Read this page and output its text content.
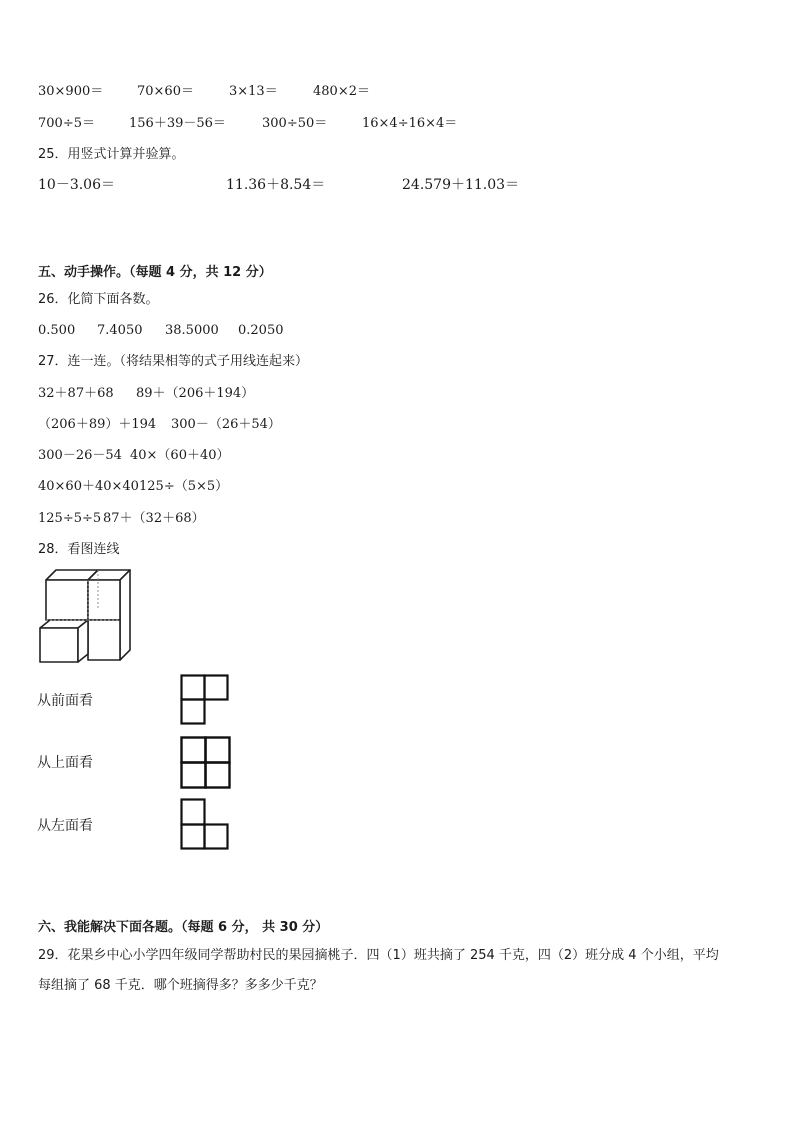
30×900＝	70×60＝	3×13＝	480×2＝
700÷5＝	156＋39－56＝	300÷50＝	16×4÷16×4＝
25．用竖式计算并验算。
10－3.06＝	11.36＋8.54＝	24.579＋11.03＝
五、动手操作。（每题 4 分，共 12 分）
26．化简下面各数。
0.500 7.4050 38.5000 0.2050
27．连一连。（将结果相等的式子用线连起来）
32＋87＋68 89＋（206＋194）
（206＋89）＋194 300－（26＋54）
300－26－54 40×（60＋40）
40×60＋40×40 125÷（5×5）
125÷5÷5 87＋（32＋68）
28．看图连线
从前面看
从上面看
从左面看
六、我能解决下面各题。（每题 6 分， 共 30 分）
29．花果乡中心小学四年级同学帮助村民的果园摘桃子．四（1）班共摘了 254 千克，四（2）班分成 4 个小组，平均
每组摘了 68 千克．哪个班摘得多？多多少千克？
